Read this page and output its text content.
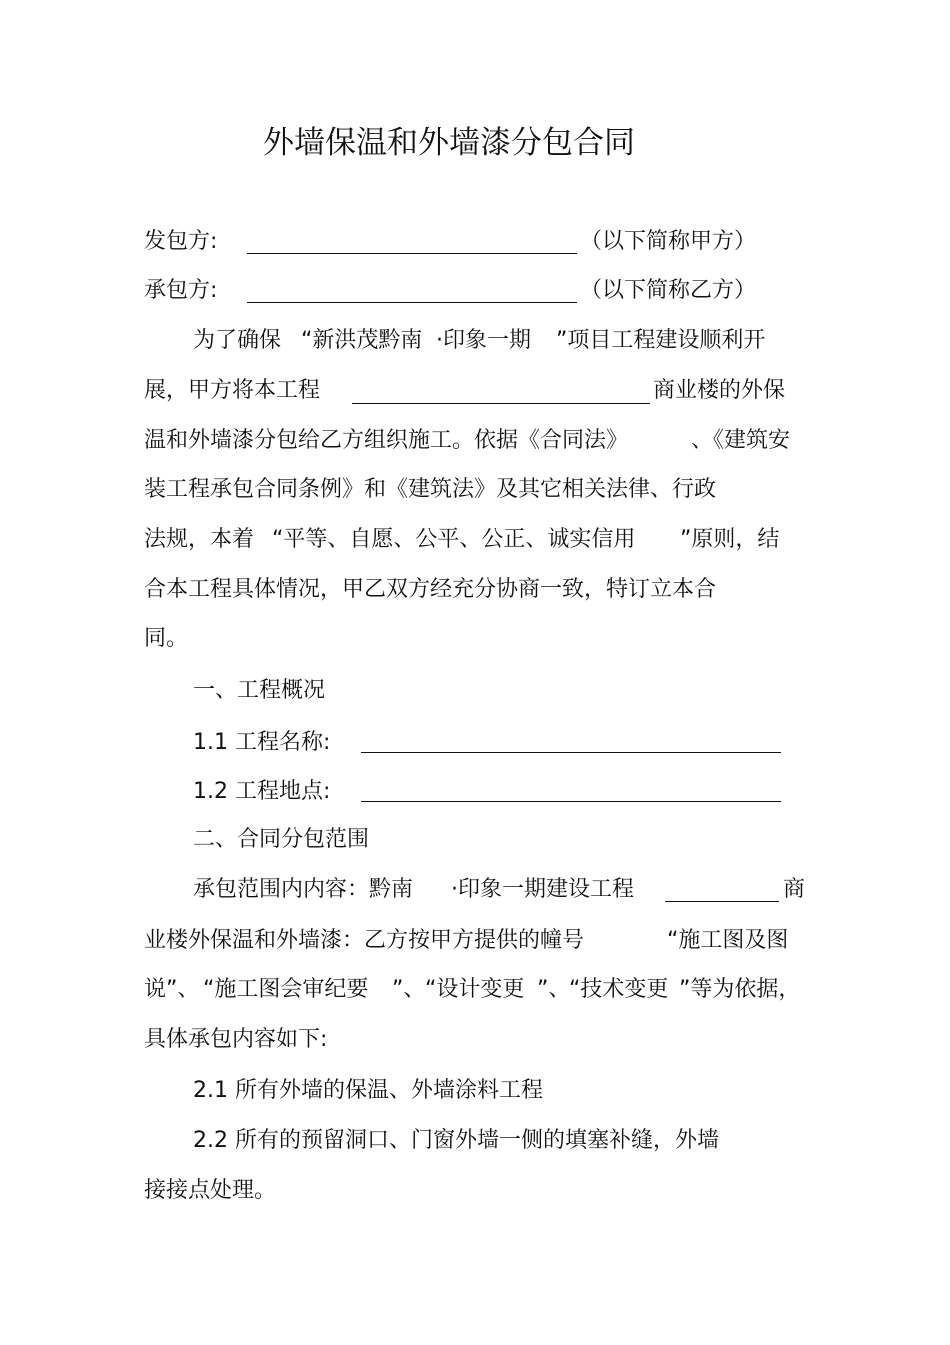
外墙保温和外墙漆分包合同
发包方:	（以下简称甲方）
承包方:	（以下简称乙方）
为了确保 “新洪茂黔南 ·印象一期 ”项目工程建设顺利开
展，甲方将本工程	商业楼的外保
温和外墙漆分包给乙方组织施工。依据《合同法》	、《建筑安
装工程承包合同条例》和《建筑法》及其它相关法律、行政
法规，本着 “平等、自愿、公平、公正、诚实信用 ”原则，结
合本工程具体情况，甲乙双方经充分协商一致，特订立本合
同。
一、工程概况
1.1 工程名称:
1.2 工程地点:
二、合同分包范围
承包范围内内容：黔南 ·印象一期建设工程	商
业楼外保温和外墙漆：乙方按甲方提供的幢号	“施工图及图
说”、 “施工图会审纪要 ”、 “设计变更 ”、
“技术变更 ”等为依据，
具体承包内容如下:
2.1 所有外墙的保温、外墙涂料工程
2.2 所有的预留洞口、门窗外墙一侧的填塞补缝，外墙
接接点处理。
